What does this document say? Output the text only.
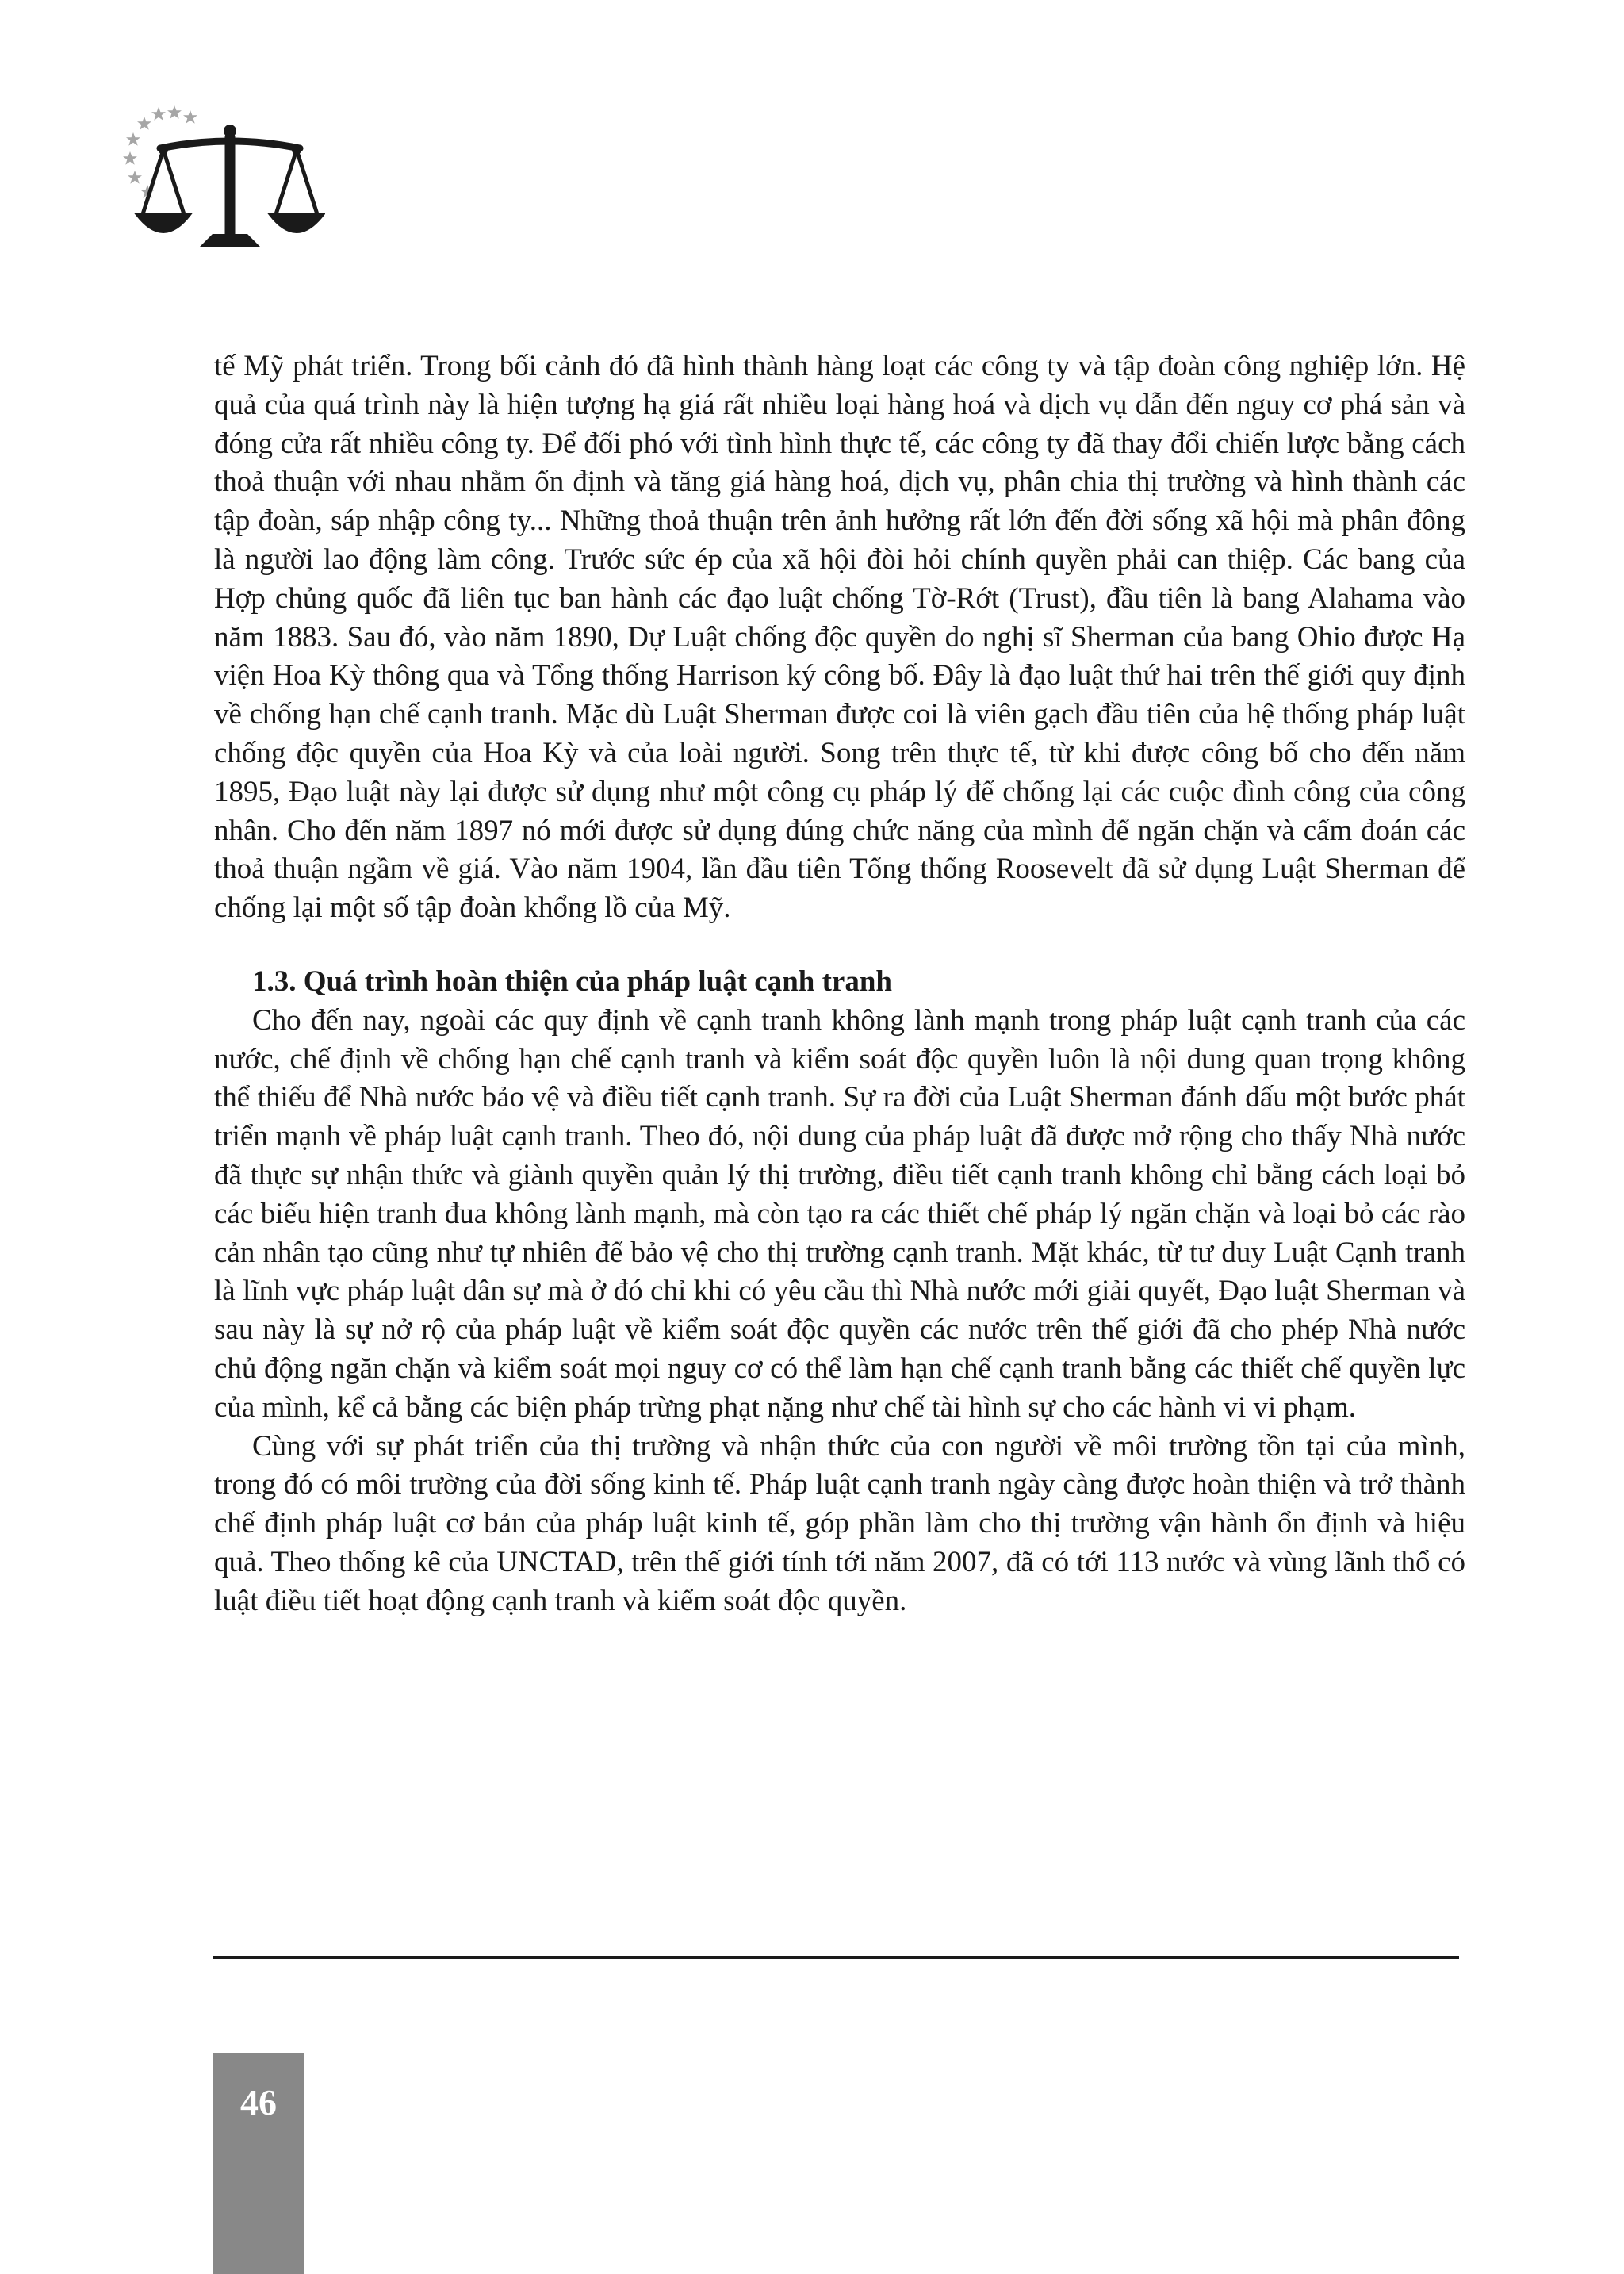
tế Mỹ phát triển. Trong bối cảnh đó đã hình thành hàng loạt các công ty và tập đoàn công nghiệp lớn. Hệ quả của quá trình này là hiện tượng hạ giá rất nhiều loại hàng hoá và dịch vụ dẫn đến nguy cơ phá sản và đóng cửa rất nhiều công ty. Để đối phó với tình hình thực tế, các công ty đã thay đổi chiến lược bằng cách thoả thuận với nhau nhằm ổn định và tăng giá hàng hoá, dịch vụ, phân chia thị trường và hình thành các tập đoàn, sáp nhập công ty... Những thoả thuận trên ảnh hưởng rất lớn đến đời sống xã hội mà phân đông là người lao động làm công. Trước sức ép của xã hội đòi hỏi chính quyền phải can thiệp. Các bang của Hợp chủng quốc đã liên tục ban hành các đạo luật chống Tờ-Rớt (Trust), đầu tiên là bang Alahama vào năm 1883. Sau đó, vào năm 1890, Dự Luật chống độc quyền do nghị sĩ Sherman của bang Ohio được Hạ viện Hoa Kỳ thông qua và Tổng thống Harrison ký công bố. Đây là đạo luật thứ hai trên thế giới quy định về chống hạn chế cạnh tranh. Mặc dù Luật Sherman được coi là viên gạch đầu tiên của hệ thống pháp luật chống độc quyền của Hoa Kỳ và của loài người. Song trên thực tế, từ khi được công bố cho đến năm 1895, Đạo luật này lại được sử dụng như một công cụ pháp lý để chống lại các cuộc đình công của công nhân. Cho đến năm 1897 nó mới được sử dụng đúng chức năng của mình để ngăn chặn và cấm đoán các thoả thuận ngầm về giá. Vào năm 1904, lần đầu tiên Tổng thống Roosevelt đã sử dụng Luật Sherman để chống lại một số tập đoàn khổng lồ của Mỹ.

1.3. Quá trình hoàn thiện của pháp luật cạnh tranh

Cho đến nay, ngoài các quy định về cạnh tranh không lành mạnh trong pháp luật cạnh tranh của các nước, chế định về chống hạn chế cạnh tranh và kiểm soát độc quyền luôn là nội dung quan trọng không thể thiếu để Nhà nước bảo vệ và điều tiết cạnh tranh. Sự ra đời của Luật Sherman đánh dấu một bước phát triển mạnh về pháp luật cạnh tranh. Theo đó, nội dung của pháp luật đã được mở rộng cho thấy Nhà nước đã thực sự nhận thức và giành quyền quản lý thị trường, điều tiết cạnh tranh không chỉ bằng cách loại bỏ các biểu hiện tranh đua không lành mạnh, mà còn tạo ra các thiết chế pháp lý ngăn chặn và loại bỏ các rào cản nhân tạo cũng như tự nhiên để bảo vệ cho thị trường cạnh tranh. Mặt khác, từ tư duy Luật Cạnh tranh là lĩnh vực pháp luật dân sự mà ở đó chỉ khi có yêu cầu thì Nhà nước mới giải quyết, Đạo luật Sherman và sau này là sự nở rộ của pháp luật về kiểm soát độc quyền các nước trên thế giới đã cho phép Nhà nước chủ động ngăn chặn và kiểm soát mọi nguy cơ có thể làm hạn chế cạnh tranh bằng các thiết chế quyền lực của mình, kể cả bằng các biện pháp trừng phạt nặng như chế tài hình sự cho các hành vi vi phạm.

Cùng với sự phát triển của thị trường và nhận thức của con người về môi trường tồn tại của mình, trong đó có môi trường của đời sống kinh tế. Pháp luật cạnh tranh ngày càng được hoàn thiện và trở thành chế định pháp luật cơ bản của pháp luật kinh tế, góp phần làm cho thị trường vận hành ổn định và hiệu quả. Theo thống kê của UNCTAD, trên thế giới tính tới năm 2007, đã có tới 113 nước và vùng lãnh thổ có luật điều tiết hoạt động cạnh tranh và kiểm soát độc quyền.

46
